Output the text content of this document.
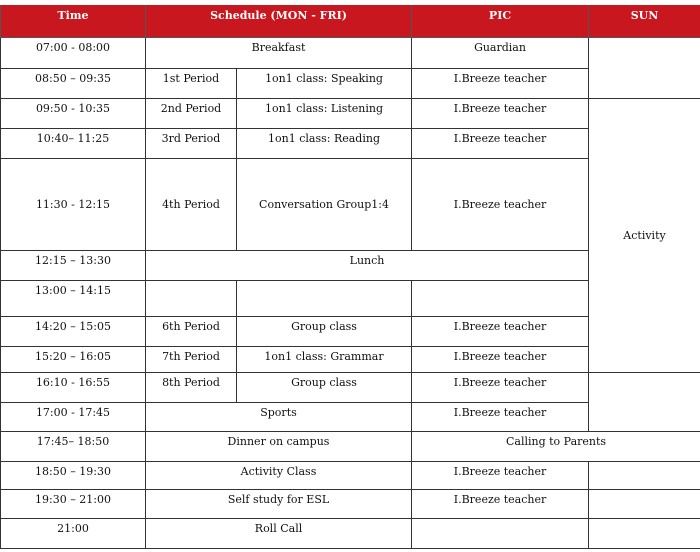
Time	Schedule (MON - FRI)		PIC	SUN
07:00 - 08:00	Breakfast		Guardian	
08:50 – 09:35	1st Period	1on1 class: Speaking	I.Breeze teacher	
09:50 - 10:35	2nd Period	1on1 class: Listening	I.Breeze teacher	Activity
10:40– 11:25	3rd Period	1on1 class: Reading	I.Breeze teacher	
11:30 - 12:15	4th Period	Conversation Group1:4	I.Breeze teacher	
12:15 – 13:30	Lunch			
13:00 – 14:15				
14:20 – 15:05	6th Period	Group class	I.Breeze teacher	
15:20 – 16:05	7th Period	1on1 class: Grammar	I.Breeze teacher	
16:10 - 16:55	8th Period	Group class	I.Breeze teacher	
17:00 - 17:45	Sports		I.Breeze teacher	
17:45– 18:50	Dinner on campus		Calling to Parents	
18:50 – 19:30	Activity Class		I.Breeze teacher	
19:30 – 21:00	Self study for ESL		I.Breeze teacher	
21:00	Roll Call			
